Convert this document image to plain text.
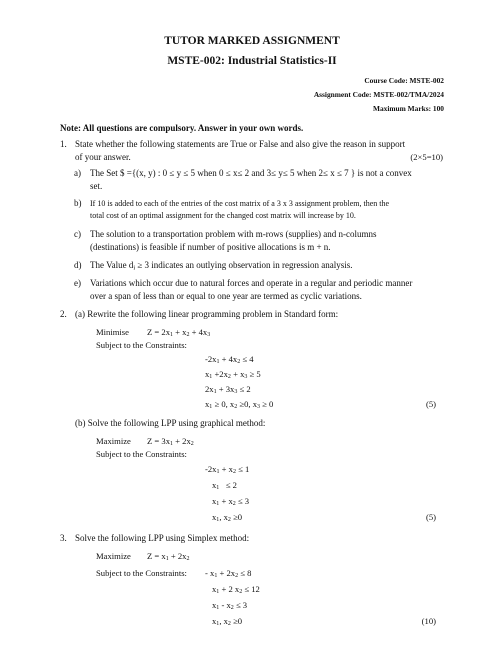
TUTOR MARKED ASSIGNMENT
MSTE-002: Industrial Statistics-II
Course Code: MSTE-002
Assignment Code: MSTE-002/TMA/2024
Maximum Marks: 100
Note: All questions are compulsory. Answer in your own words.
1. State whether the following statements are True or False and also give the reason in support
of your answer.	(2×5=10)
a) The Set $ ={(x, y) : 0 ≤ y ≤ 5 when 0 ≤ x≤ 2 and 3≤ y≤ 5 when 2≤ x ≤ 7 } is not a convex
set.
b) If 10 is added to each of the entries of the cost matrix of a 3 x 3 assignment problem, then the
total cost of an optimal assignment for the changed cost matrix will increase by 10.
c) The solution to a transportation problem with m-rows (supplies) and n-columns
(destinations) is feasible if number of positive allocations is m + n.
d) The Value $d_i \ge 3$ indicates an outlying observation in regression analysis.
e) Variations which occur due to natural forces and operate in a regular and periodic manner
over a span of less than or equal to one year are termed as cyclic variations.
2. (a) Rewrite the following linear programming problem in Standard form:
Minimise $Z = 2x_1 + x_2 + 4x_3$
Subject to the Constraints:
$-2x_1 + 4x_2 \le 4$
$x_1 +2x_2 + x_3 \ge 5$
$2x_1 + 3x_3 \le 2$
$x_1 \ge 0$, $x_2 \ge 0$, $x_3 \ge 0$	(5)
(b) Solve the following LPP using graphical method:
Maximize $Z = 3x_1 + 2x_2$
Subject to the Constraints:
$-2x_1 + x_2 \le 1$
$x_1 \le 2$
$x_1 + x_2 \le 3$
$x_1$, $x_2 \ge 0$	(5)
3. Solve the following LPP using Simplex method:
Maximize $Z = x_1 + 2x_2$
Subject to the Constraints: - $x_1 + 2x_2 \le 8$
$x_1 + 2$ $x_2 \le 12$
$x_1 - x_2 \le 3$
$x_1$, $x_2 \ge 0$	(10)
